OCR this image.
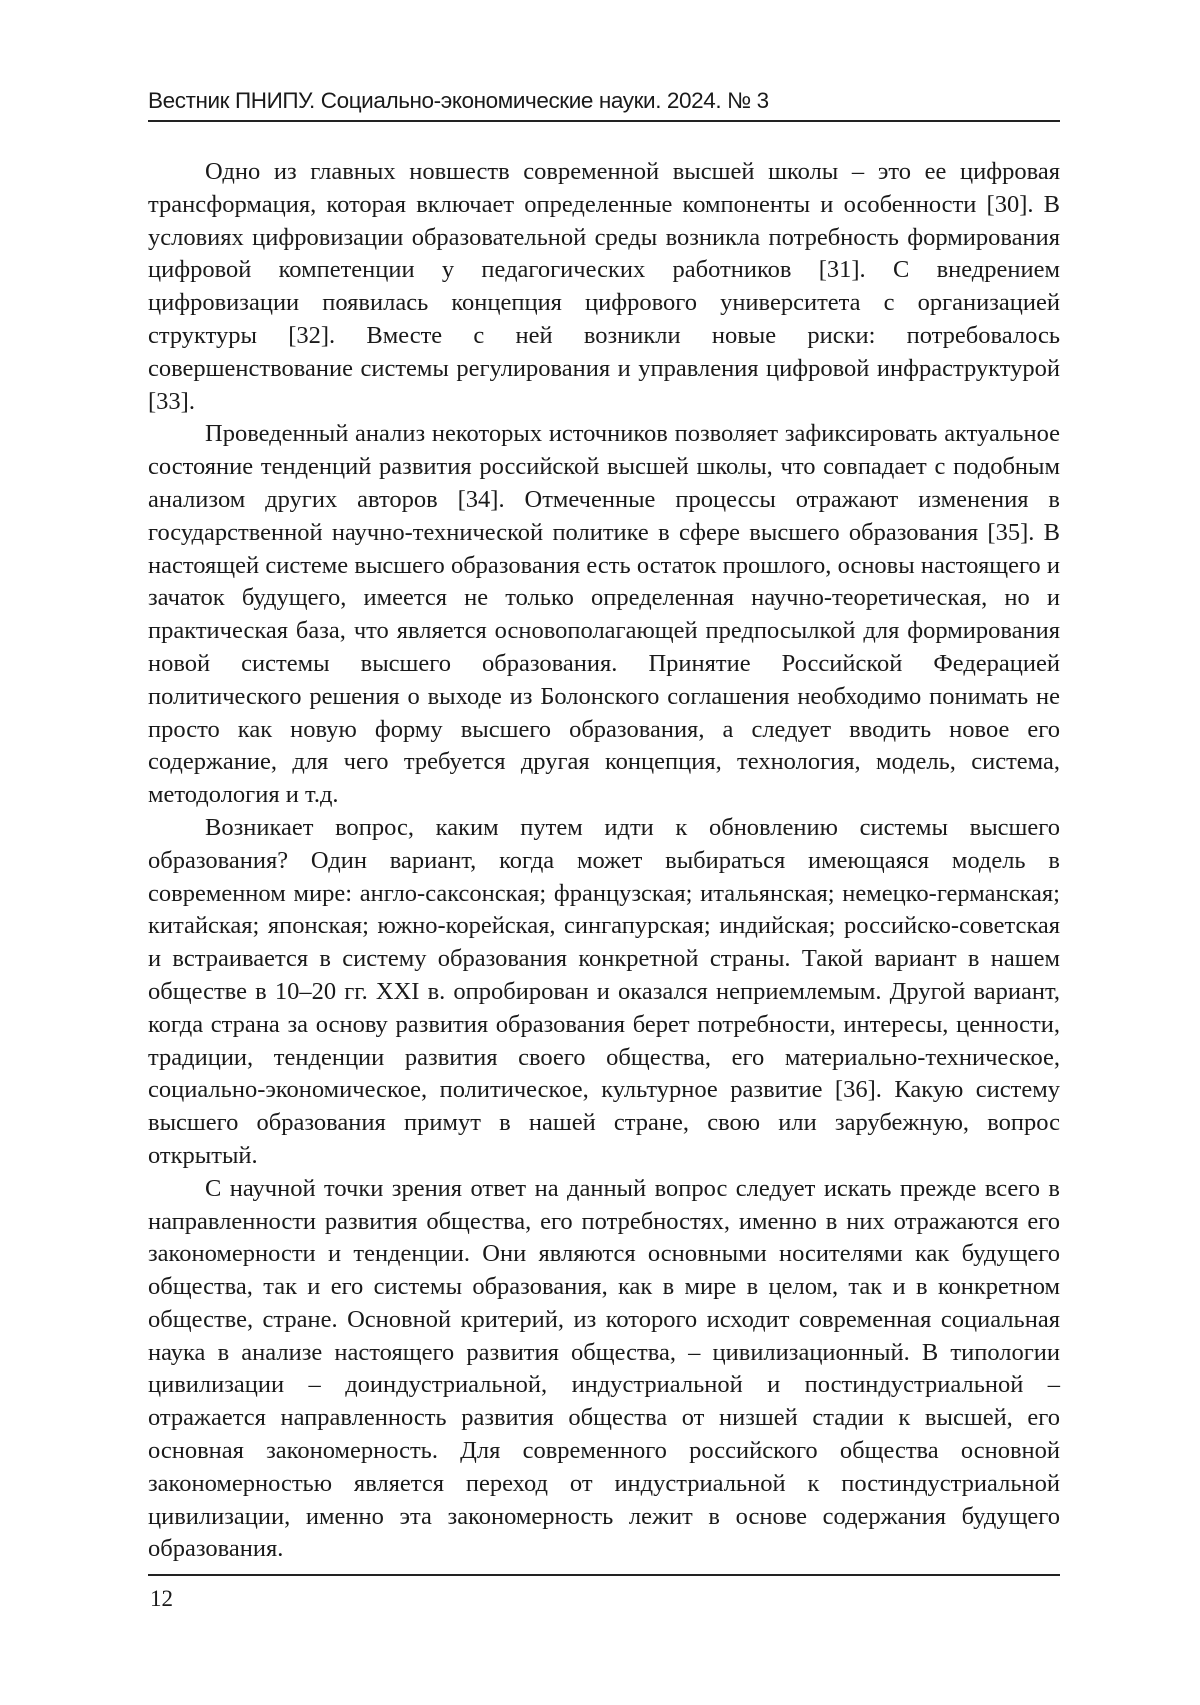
Вестник ПНИПУ. Социально-экономические науки. 2024. № 3

Одно из главных новшеств современной высшей школы – это ее цифровая трансформация, которая включает определенные компоненты и особенности [30]. В условиях цифровизации образовательной среды возникла потребность формирования цифровой компетенции у педагогических работников [31]. С внедрением цифровизации появилась концепция цифрового университета с организацией структуры [32]. Вместе с ней возникли новые риски: потребовалось совершенствование системы регулирования и управления цифровой инфраструктурой [33].

Проведенный анализ некоторых источников позволяет зафиксировать актуальное состояние тенденций развития российской высшей школы, что совпадает с подобным анализом других авторов [34]. Отмеченные процессы отражают изменения в государственной научно-технической политике в сфере высшего образования [35]. В настоящей системе высшего образования есть остаток прошлого, основы настоящего и зачаток будущего, имеется не только определенная научно-теоретическая, но и практическая база, что является основополагающей предпосылкой для формирования новой системы высшего образования. Принятие Российской Федерацией политического решения о выходе из Болонского соглашения необходимо понимать не просто как новую форму высшего образования, а следует вводить новое его содержание, для чего требуется другая концепция, технология, модель, система, методология и т.д.

Возникает вопрос, каким путем идти к обновлению системы высшего образования? Один вариант, когда может выбираться имеющаяся модель в современном мире: англо-саксонская; французская; итальянская; немецко-германская; китайская; японская; южно-корейская, сингапурская; индийская; российско-советская и встраивается в систему образования конкретной страны. Такой вариант в нашем обществе в 10–20 гг. XXI в. опробирован и оказался неприемлемым. Другой вариант, когда страна за основу развития образования берет потребности, интересы, ценности, традиции, тенденции развития своего общества, его материально-техническое, социально-экономическое, политическое, культурное развитие [36]. Какую систему высшего образования примут в нашей стране, свою или зарубежную, вопрос открытый.

С научной точки зрения ответ на данный вопрос следует искать прежде всего в направленности развития общества, его потребностях, именно в них отражаются его закономерности и тенденции. Они являются основными носителями как будущего общества, так и его системы образования, как в мире в целом, так и в конкретном обществе, стране. Основной критерий, из которого исходит современная социальная наука в анализе настоящего развития общества, – цивилизационный. В типологии цивилизации – доиндустриальной, индустриальной и постиндустриальной – отражается направленность развития общества от низшей стадии к высшей, его основная закономерность. Для современного российского общества основной закономерностью является переход от индустриальной к постиндустриальной цивилизации, именно эта закономерность лежит в основе содержания будущего образования.

12
